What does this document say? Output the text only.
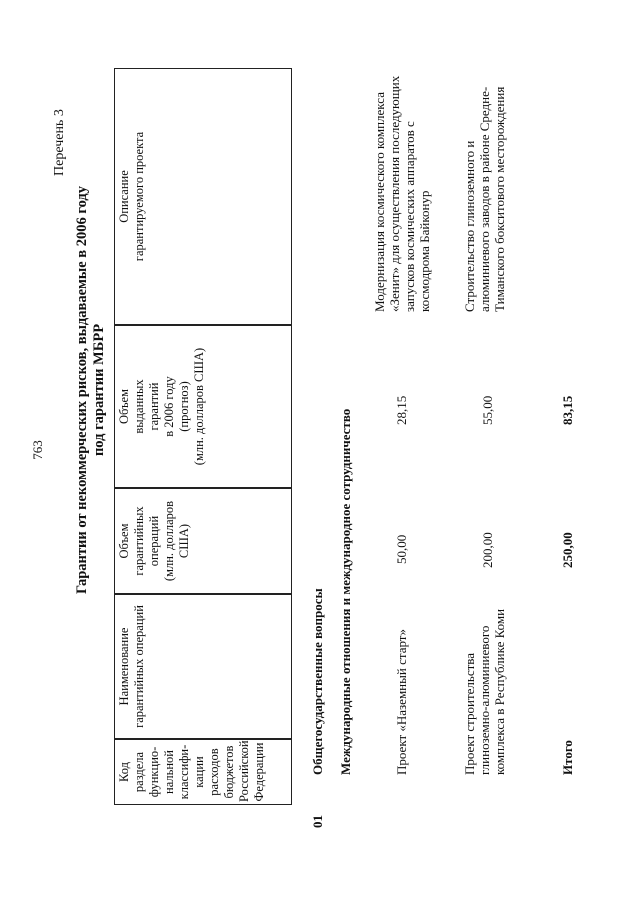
763
Перечень 3
Гарантии от некоммерческих рисков, выдаваемые в 2006 году под гарантии МБРР
Код раздела функцио- нальной классифи- кации расходов бюджетов Российской Федерации
Наименование гарантийных операций
Объем гарантийных операций (млн. долларов США)
Объем выданных гарантий в 2006 году (прогноз) (млн. долларов США)
Описание гарантируемого проекта
01
Общегосударственные вопросы Международные отношения и международное сотрудничество	Проект «Наземный старт»
50,00
28,15
Модернизация космического комплекса «Зенит» для осуществления последующих запусков космических аппаратов с космодрома Байконур
Проект строительства глиноземно-алюминиевого комплекса в Республике Коми
200,00
55,00
Строительство глиноземного и алюминиевого заводов в районе Средне- Тиманского бокситового месторождения
Итого
250,00
83,15
